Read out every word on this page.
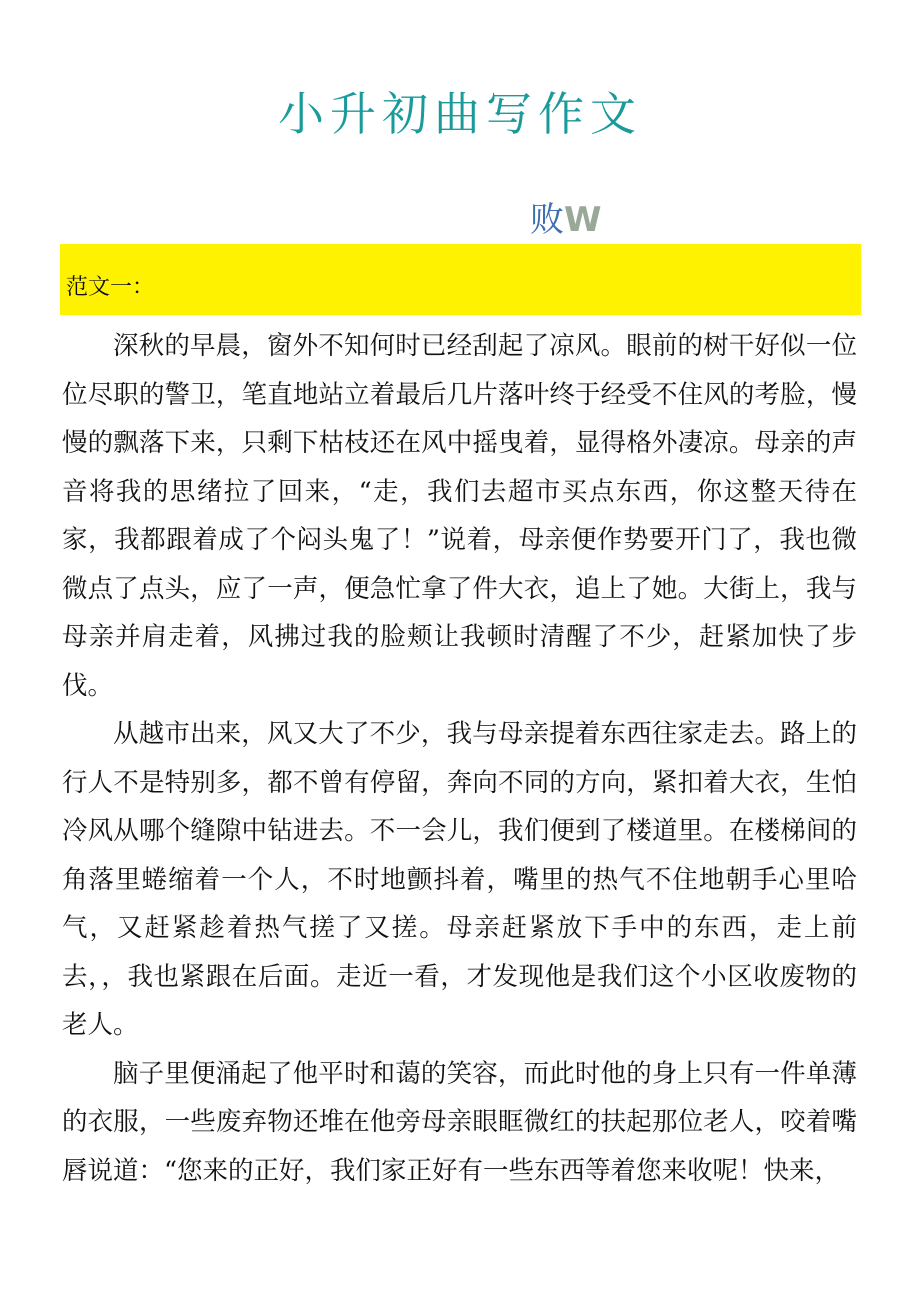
小升初曲写作文
败W
范文一：

深秋的早晨，窗外不知何时已经刮起了凉风。眼前的树干好似一位位尽职的警卫，笔直地站立着最后几片落叶终于经受不住风的考脸，慢慢的飘落下来，只剩下枯枝还在风中摇曳着，显得格外凄凉。母亲的声音将我的思绪拉了回来，“走，我们去超市买点东西，你这整天待在家，我都跟着成了个闷头鬼了！”说着，母亲便作势要开门了，我也微微点了点头，应了一声，便急忙拿了件大衣，追上了她。大街上，我与母亲并肩走着，风拂过我的脸颊让我顿时清醒了不少，赶紧加快了步伐。

从越市出来，风又大了不少，我与母亲提着东西往家走去。路上的行人不是特别多，都不曾有停留，奔向不同的方向，紧扣着大衣，生怕冷风从哪个缝隙中钻进去。不一会儿，我们便到了楼道里。在楼梯间的角落里蜷缩着一个人，不时地颤抖着，嘴里的热气不住地朝手心里哈气，又赶紧趁着热气搓了又搓。母亲赶紧放下手中的东西，走上前去，，我也紧跟在后面。走近一看，才发现他是我们这个小区收废物的老人。

脑子里便涌起了他平时和蔼的笑容，而此时他的身上只有一件单薄的衣服，一些废弃物还堆在他旁母亲眼眶微红的扶起那位老人，咬着嘴唇说道：“您来的正好，我们家正好有一些东西等着您来收呢！快来，
